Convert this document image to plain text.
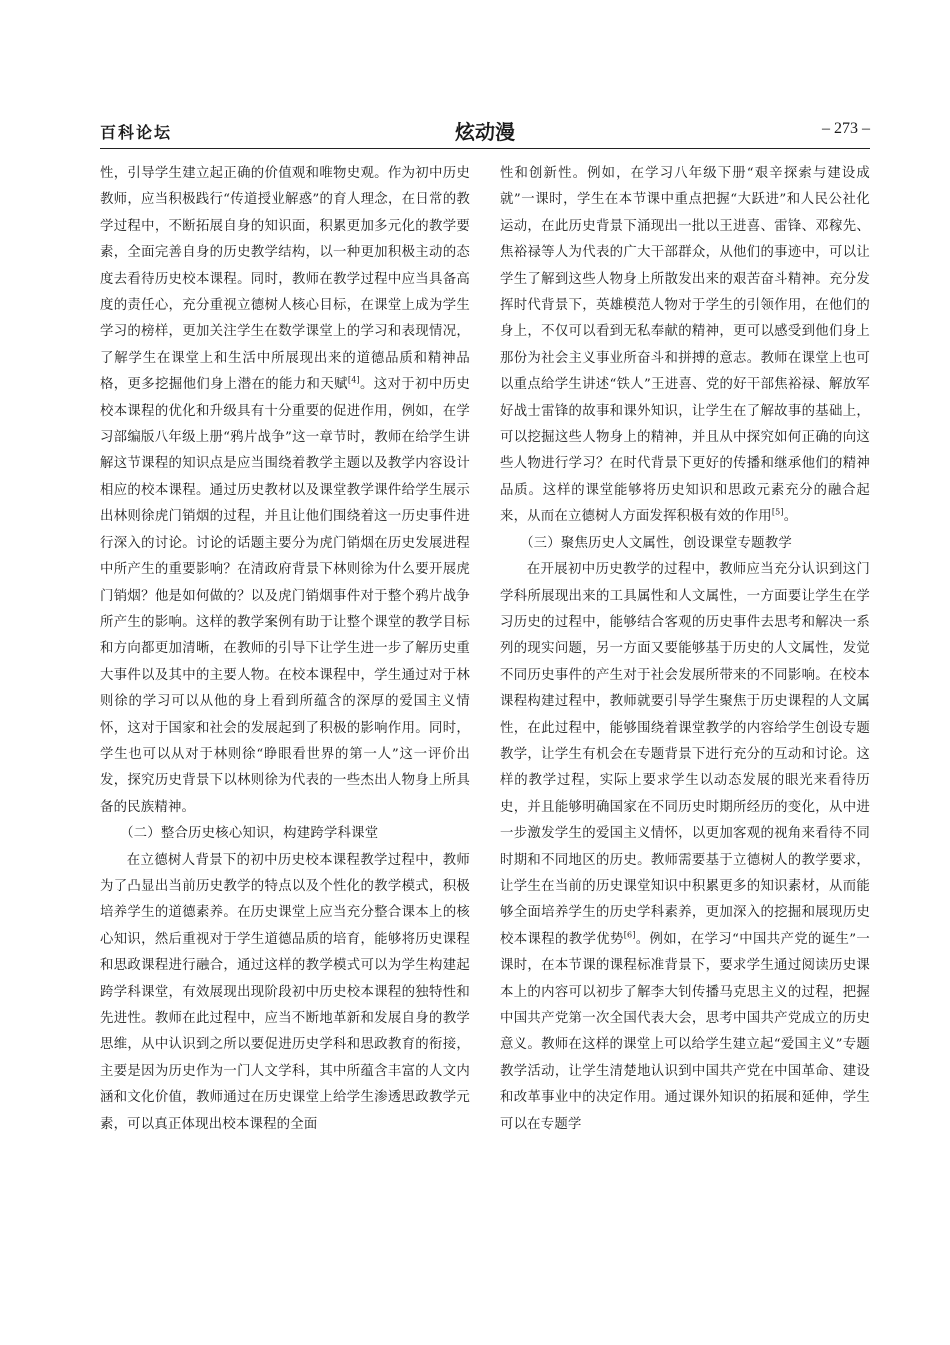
百科论坛	炫动漫	– 273 –

性，引导学生建立起正确的价值观和唯物史观。作为初中历史教师，应当积极践行“传道授业解惑”的育人理念，在日常的教学过程中，不断拓展自身的知识面，积累更加多元化的教学要素，全面完善自身的历史教学结构，以一种更加积极主动的态度去看待历史校本课程。同时，教师在教学过程中应当具备高度的责任心，充分重视立德树人核心目标，在课堂上成为学生学习的榜样，更加关注学生在数学课堂上的学习和表现情况，了解学生在课堂上和生活中所展现出来的道德品质和精神品格，更多挖掘他们身上潜在的能力和天赋[4]。这对于初中历史校本课程的优化和升级具有十分重要的促进作用，例如，在学习部编版八年级上册“鸦片战争”这一章节时，教师在给学生讲解这节课程的知识点是应当围绕着教学主题以及教学内容设计相应的校本课程。通过历史教材以及课堂教学课件给学生展示出林则徐虎门销烟的过程，并且让他们围绕着这一历史事件进行深入的讨论。讨论的话题主要分为虎门销烟在历史发展进程中所产生的重要影响？在清政府背景下林则徐为什么要开展虎门销烟？他是如何做的？以及虎门销烟事件对于整个鸦片战争所产生的影响。这样的教学案例有助于让整个课堂的教学目标和方向都更加清晰，在教师的引导下让学生进一步了解历史重大事件以及其中的主要人物。在校本课程中，学生通过对于林则徐的学习可以从他的身上看到所蕴含的深厚的爱国主义情怀，这对于国家和社会的发展起到了积极的影响作用。同时，学生也可以从对于林则徐“睁眼看世界的第一人”这一评价出发，探究历史背景下以林则徐为代表的一些杰出人物身上所具备的民族精神。

（二）整合历史核心知识，构建跨学科课堂

在立德树人背景下的初中历史校本课程教学过程中，教师为了凸显出当前历史教学的特点以及个性化的教学模式，积极培养学生的道德素养。在历史课堂上应当充分整合课本上的核心知识，然后重视对于学生道德品质的培育，能够将历史课程和思政课程进行融合，通过这样的教学模式可以为学生构建起跨学科课堂，有效展现出现阶段初中历史校本课程的独特性和先进性。教师在此过程中，应当不断地革新和发展自身的教学思维，从中认识到之所以要促进历史学科和思政教育的衔接，主要是因为历史作为一门人文学科，其中所蕴含丰富的人文内涵和文化价值，教师通过在历史课堂上给学生渗透思政教学元素，可以真正体现出校本课程的全面

性和创新性。例如，在学习八年级下册“艰辛探索与建设成就”一课时，学生在本节课中重点把握“大跃进”和人民公社化运动，在此历史背景下涌现出一批以王进喜、雷锋、邓稼先、焦裕禄等人为代表的广大干部群众，从他们的事迹中，可以让学生了解到这些人物身上所散发出来的艰苦奋斗精神。充分发挥时代背景下，英雄模范人物对于学生的引领作用，在他们的身上，不仅可以看到无私奉献的精神，更可以感受到他们身上那份为社会主义事业所奋斗和拼搏的意志。教师在课堂上也可以重点给学生讲述“铁人”王进喜、党的好干部焦裕禄、解放军好战士雷锋的故事和课外知识，让学生在了解故事的基础上，可以挖掘这些人物身上的精神，并且从中探究如何正确的向这些人物进行学习？在时代背景下更好的传播和继承他们的精神品质。这样的课堂能够将历史知识和思政元素充分的融合起来，从而在立德树人方面发挥积极有效的作用[5]。

（三）聚焦历史人文属性，创设课堂专题教学

在开展初中历史教学的过程中，教师应当充分认识到这门学科所展现出来的工具属性和人文属性，一方面要让学生在学习历史的过程中，能够结合客观的历史事件去思考和解决一系列的现实问题，另一方面又要能够基于历史的人文属性，发觉不同历史事件的产生对于社会发展所带来的不同影响。在校本课程构建过程中，教师就要引导学生聚焦于历史课程的人文属性，在此过程中，能够围绕着课堂教学的内容给学生创设专题教学，让学生有机会在专题背景下进行充分的互动和讨论。这样的教学过程，实际上要求学生以动态发展的眼光来看待历史，并且能够明确国家在不同历史时期所经历的变化，从中进一步激发学生的爱国主义情怀，以更加客观的视角来看待不同时期和不同地区的历史。教师需要基于立德树人的教学要求，让学生在当前的历史课堂知识中积累更多的知识素材，从而能够全面培养学生的历史学科素养，更加深入的挖掘和展现历史校本课程的教学优势[6]。例如，在学习“中国共产党的诞生”一课时，在本节课的课程标准背景下，要求学生通过阅读历史课本上的内容可以初步了解李大钊传播马克思主义的过程，把握中国共产党第一次全国代表大会，思考中国共产党成立的历史意义。教师在这样的课堂上可以给学生建立起“爱国主义”专题教学活动，让学生清楚地认识到中国共产党在中国革命、建设和改革事业中的决定作用。通过课外知识的拓展和延伸，学生可以在专题学
